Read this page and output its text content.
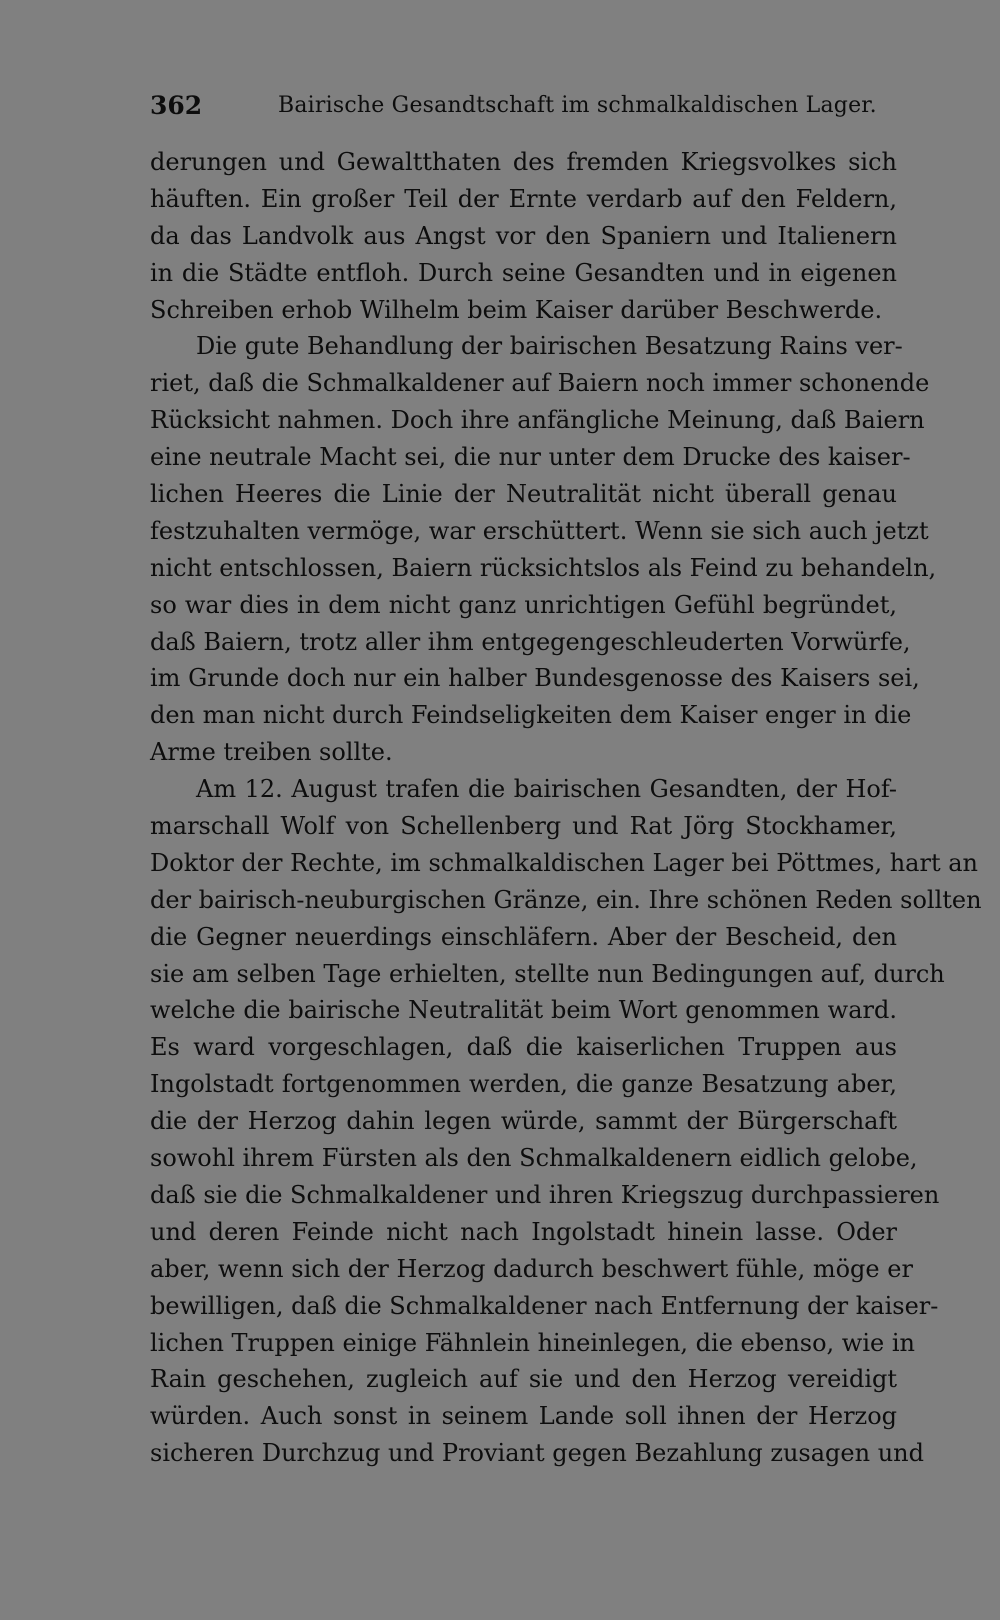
362	Bairische Gesandtschaft im schmalkaldischen Lager.
derungen und Gewaltthaten des fremden Kriegsvolkes sich
häuften. Ein großer Teil der Ernte verdarb auf den Feldern,
da das Landvolk aus Angst vor den Spaniern und Italienern
in die Städte entfloh. Durch seine Gesandten und in eigenen
Schreiben erhob Wilhelm beim Kaiser darüber Beschwerde.
Die gute Behandlung der bairischen Besatzung Rains ver-
riet, daß die Schmalkaldener auf Baiern noch immer schonende
Rücksicht nahmen. Doch ihre anfängliche Meinung, daß Baiern
eine neutrale Macht sei, die nur unter dem Drucke des kaiser-
lichen Heeres die Linie der Neutralität nicht überall genau
festzuhalten vermöge, war erschüttert. Wenn sie sich auch jetzt
nicht entschlossen, Baiern rücksichtslos als Feind zu behandeln,
so war dies in dem nicht ganz unrichtigen Gefühl begründet,
daß Baiern, trotz aller ihm entgegengeschleuderten Vorwürfe,
im Grunde doch nur ein halber Bundesgenosse des Kaisers sei,
den man nicht durch Feindseligkeiten dem Kaiser enger in die
Arme treiben sollte.
Am 12. August trafen die bairischen Gesandten, der Hof-
marschall Wolf von Schellenberg und Rat Jörg Stockhamer,
Doktor der Rechte, im schmalkaldischen Lager bei Pöttmes, hart an
der bairisch-neuburgischen Gränze, ein. Ihre schönen Reden sollten
die Gegner neuerdings einschläfern. Aber der Bescheid, den
sie am selben Tage erhielten, stellte nun Bedingungen auf, durch
welche die bairische Neutralität beim Wort genommen ward.
Es ward vorgeschlagen, daß die kaiserlichen Truppen aus
Ingolstadt fortgenommen werden, die ganze Besatzung aber,
die der Herzog dahin legen würde, sammt der Bürgerschaft
sowohl ihrem Fürsten als den Schmalkaldenern eidlich gelobe,
daß sie die Schmalkaldener und ihren Kriegszug durchpassieren
und deren Feinde nicht nach Ingolstadt hinein lasse. Oder
aber, wenn sich der Herzog dadurch beschwert fühle, möge er
bewilligen, daß die Schmalkaldener nach Entfernung der kaiser-
lichen Truppen einige Fähnlein hineinlegen, die ebenso, wie in
Rain geschehen, zugleich auf sie und den Herzog vereidigt
würden. Auch sonst in seinem Lande soll ihnen der Herzog
sicheren Durchzug und Proviant gegen Bezahlung zusagen und
